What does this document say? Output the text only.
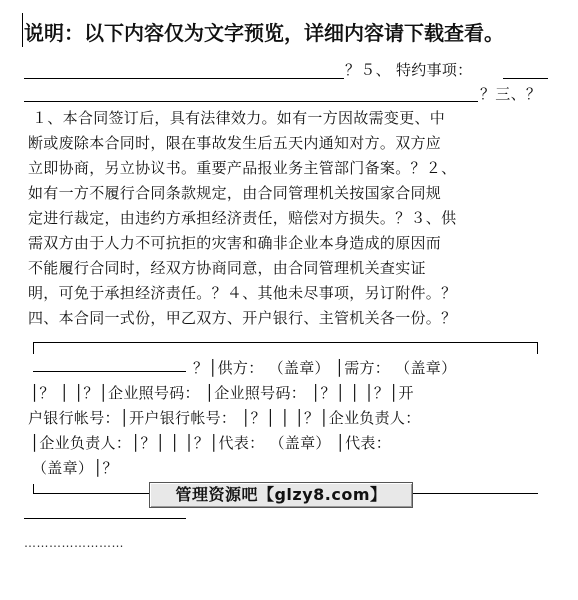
说明：以下内容仅为文字预览，详细内容请下载查看。
？５、 特约事项：
？三、？
１、本合同签订后，具有法律效力。如有一方因故需变更、中
断或废除本合同时，限在事故发生后五天内通知对方。双方应
立即协商，另立协议书。重要产品报业务主管部门备案。？２、
如有一方不履行合同条款规定，由合同管理机关按国家合同规
定进行裁定，由违约方承担经济责任，赔偿对方损失。？３、供
需双方由于人力不可抗拒的灾害和确非企业本身造成的原因而
不能履行合同时，经双方协商同意，由合同管理机关查实证
明，可免于承担经济责任。？４、其他未尽事项，另订附件。？
四、本合同一式份，甲乙双方、开户银行、主管机关各一份。？
？│供方： （盖章） │需方： （盖章）
│？ │ │？│企业照号码： │企业照号码： │？│ │ │？│开
户银行帐号：│开户银行帐号： │？│ │ │？│企业负责人：
│企业负责人：│？│ │ │？│代表： （盖章） │代表：
（盖章）│？
管理资源吧【glzy8.com】
……………………
